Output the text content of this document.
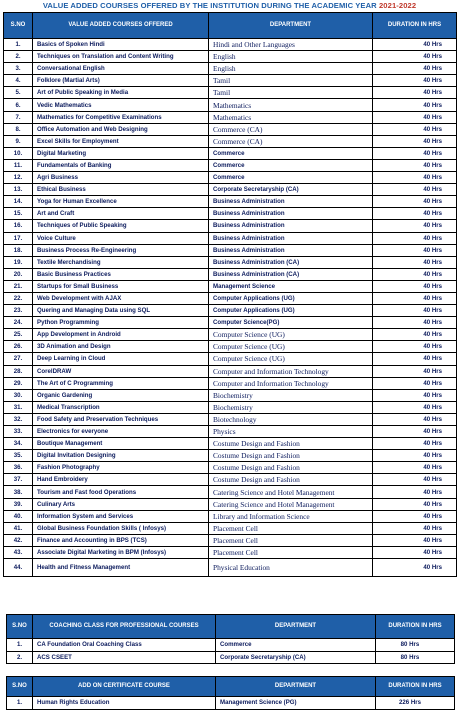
VALUE ADDED COURSES OFFERED BY THE INSTITUTION DURING THE ACADEMIC YEAR 2021-2022
S.NO	VALUE ADDED COURSES OFFERED	DEPARTMENT	DURATION IN HRS
1.	Basics of Spoken Hindi	Hindi and Other Languages	40 Hrs
2.	Techniques on Translation and Content Writing	English	40 Hrs
3.	Conversational English	English	40 Hrs
4.	Folklore (Martial Arts)	Tamil	40 Hrs
5.	Art of Public Speaking in Media	Tamil	40 Hrs
6.	Vedic Mathematics	Mathematics	40 Hrs
7.	Mathematics for Competitive Examinations	Mathematics	40 Hrs
8.	Office Automation and Web Designing	Commerce (CA)	40 Hrs
9.	Excel Skills for Employment	Commerce (CA)	40 Hrs
10.	Digital Marketing	Commerce	40 Hrs
11.	Fundamentals of Banking	Commerce	40 Hrs
12.	Agri Business	Commerce	40 Hrs
13.	Ethical Business	Corporate Secretaryship (CA)	40 Hrs
14.	Yoga for Human Excellence	Business Administration	40 Hrs
15.	Art and Craft	Business Administration	40 Hrs
16.	Techniques of Public Speaking	Business Administration	40 Hrs
17.	Voice Culture	Business Administration	40 Hrs
18.	Business Process Re-Engineering	Business Administration	40 Hrs
19.	Textile Merchandising	Business Administration (CA)	40 Hrs
20.	Basic Business Practices	Business Administration (CA)	40 Hrs
21.	Startups for Small Business	Management Science	40 Hrs
22.	Web Development with AJAX	Computer Applications (UG)	40 Hrs
23.	Quering and Managing Data using SQL	Computer Applications (UG)	40 Hrs
24.	Python Programming	Computer Science(PG)	40 Hrs
25.	App Development in Android	Computer Science (UG)	40 Hrs
26.	3D Animation and Design	Computer Science (UG)	40 Hrs
27.	Deep Learning in Cloud	Computer Science (UG)	40 Hrs
28.	CorelDRAW	Computer and Information Technology	40 Hrs
29.	The Art of C Programming	Computer and Information Technology	40 Hrs
30.	Organic Gardening	Biochemistry	40 Hrs
31.	Medical Transcription	Biochemistry	40 Hrs
32.	Food Safety and Preservation Techniques	Biotechnology	40 Hrs
33.	Electronics for everyone	Physics	40 Hrs
34.	Boutique Management	Costume Design and Fashion	40 Hrs
35.	Digital Invitation Designing	Costume Design and Fashion	40 Hrs
36.	Fashion Photography	Costume Design and Fashion	40 Hrs
37.	Hand Embroidery	Costume Design and Fashion	40 Hrs
38.	Tourism and Fast food Operations	Catering Science and Hotel Management	40 Hrs
39.	Culinary Arts	Catering Science and Hotel Management	40 Hrs
40.	Information System and Services	Library and Information Science	40 Hrs
41.	Global Business Foundation Skills ( Infosys)	Placement Cell	40 Hrs
42.	Finance and Accounting in BPS (TCS)	Placement Cell	40 Hrs
43.	Associate Digital Marketing in BPM (Infosys)	Placement Cell	40 Hrs
44.	Health and Fitness Management	Physical Education	40 Hrs
S.NO	COACHING CLASS FOR PROFESSIONAL COURSES	DEPARTMENT	DURATION IN HRS
1.	CA Foundation Oral Coaching Class	Commerce	80 Hrs
2.	ACS CSEET	Corporate Secretaryship (CA)	80 Hrs
S.NO	ADD ON CERTIFICATE COURSE	DEPARTMENT	DURATION IN HRS
1.	Human Rights Education	Management Science (PG)	226 Hrs
